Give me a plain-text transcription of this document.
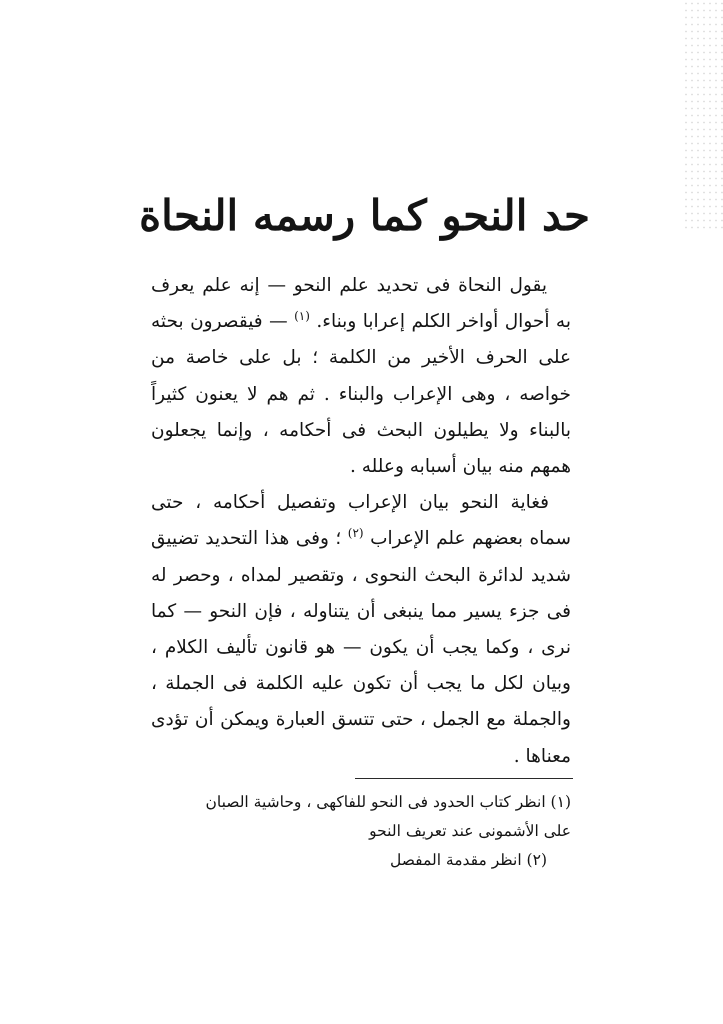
حد النحو كما رسمه النحاة

يقول النحاة فى تحديد علم النحو — إنه علم يعرف به أحوال أواخر الكلم إعرابا وبناء. $^{(١)}$ — فيقصرون بحثه على الحرف الأخير من الكلمة ؛ بل على خاصة من خواصه ، وهى الإعراب والبناء . ثم هم لا يعنون كثيراً بالبناء ولا يطيلون البحث فى أحكامه ، وإنما يجعلون همهم منه بيان أسبابه وعلله .

فغاية النحو بيان الإعراب وتفصيل أحكامه ، حتى سماه بعضهم علم الإعراب $^{(٢)}$ ؛ وفى هذا التحديد تضييق شديد لدائرة البحث النحوى ، وتقصير لمداه ، وحصر له فى جزء يسير مما ينبغى أن يتناوله ، فإن النحو — كما نرى ، وكما يجب أن يكون — هو قانون تأليف الكلام ، وبيان لكل ما يجب أن تكون عليه الكلمة فى الجملة ، والجملة مع الجمل ، حتى تتسق العبارة ويمكن أن تؤدى معناها .

(١) انظر كتاب الحدود فى النحو للفاكهى ، وحاشية الصبان

على الأشمونى عند تعريف النحو

(٢) انظر مقدمة المفصل
